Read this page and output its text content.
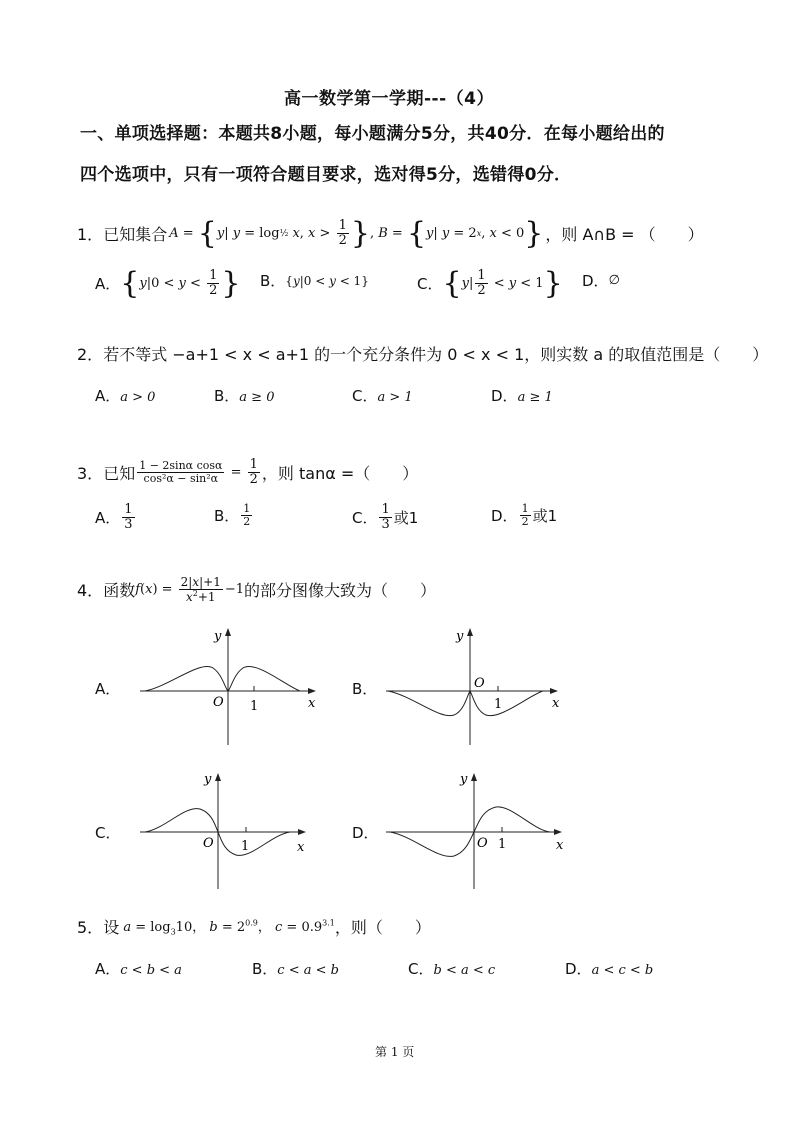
高一数学第一学期---（4）
一、单项选择题：本题共8小题，每小题满分5分，共40分．在每小题给出的
四个选项中，只有一项符合题目要求，选对得5分，选错得0分．
1． 已知集合 A = { y | y = log ½
x , $x > \frac{1}{2}$ } , B = { y | y = 2 x , x < 0 } ，则 A∩B = （　　）
A． { y $|0 < y < \frac{1}{2}$ } B． {y|0 < y < 1}	C． { y | $\frac{1}{2} < y < 1$ } D． ∅
2．若不等式 −a+1 < x < a+1 的一个充分条件为 0 < x < 1，则实数 a 的取值范围是（　　）
A．a > 0	B．a ≥ 0	C．a > 1	D．a ≥ 1
3． 已知 $\frac{\text{1 − 2sinα cosα}}{\text{cos²α − sin²α}} = \frac{1}{2}$ ，则 tanα =（　　）
A． $\frac{1}{3}$	B． $\frac{1}{2}$	C． $\frac{1}{3}$ 或1	D． $\frac{1}{2}$ 或1
4． 函数 f ( x ) = $\frac{2|x|+1}{x^2+1} -1$ 的部分图像大致为（　　）
A．	B．
C．	D．
1
O	x
y
1
O
x
y
1
O	x
y
1
O	x
y
5． 设 $a = \log_310$， $b = 2^{0.9}$， $c = 0.9^{3.1}$ ，则（　　）
A．c < b < a	B．c < a < b	C．b < a < c	D．a < c < b
第 1 页
